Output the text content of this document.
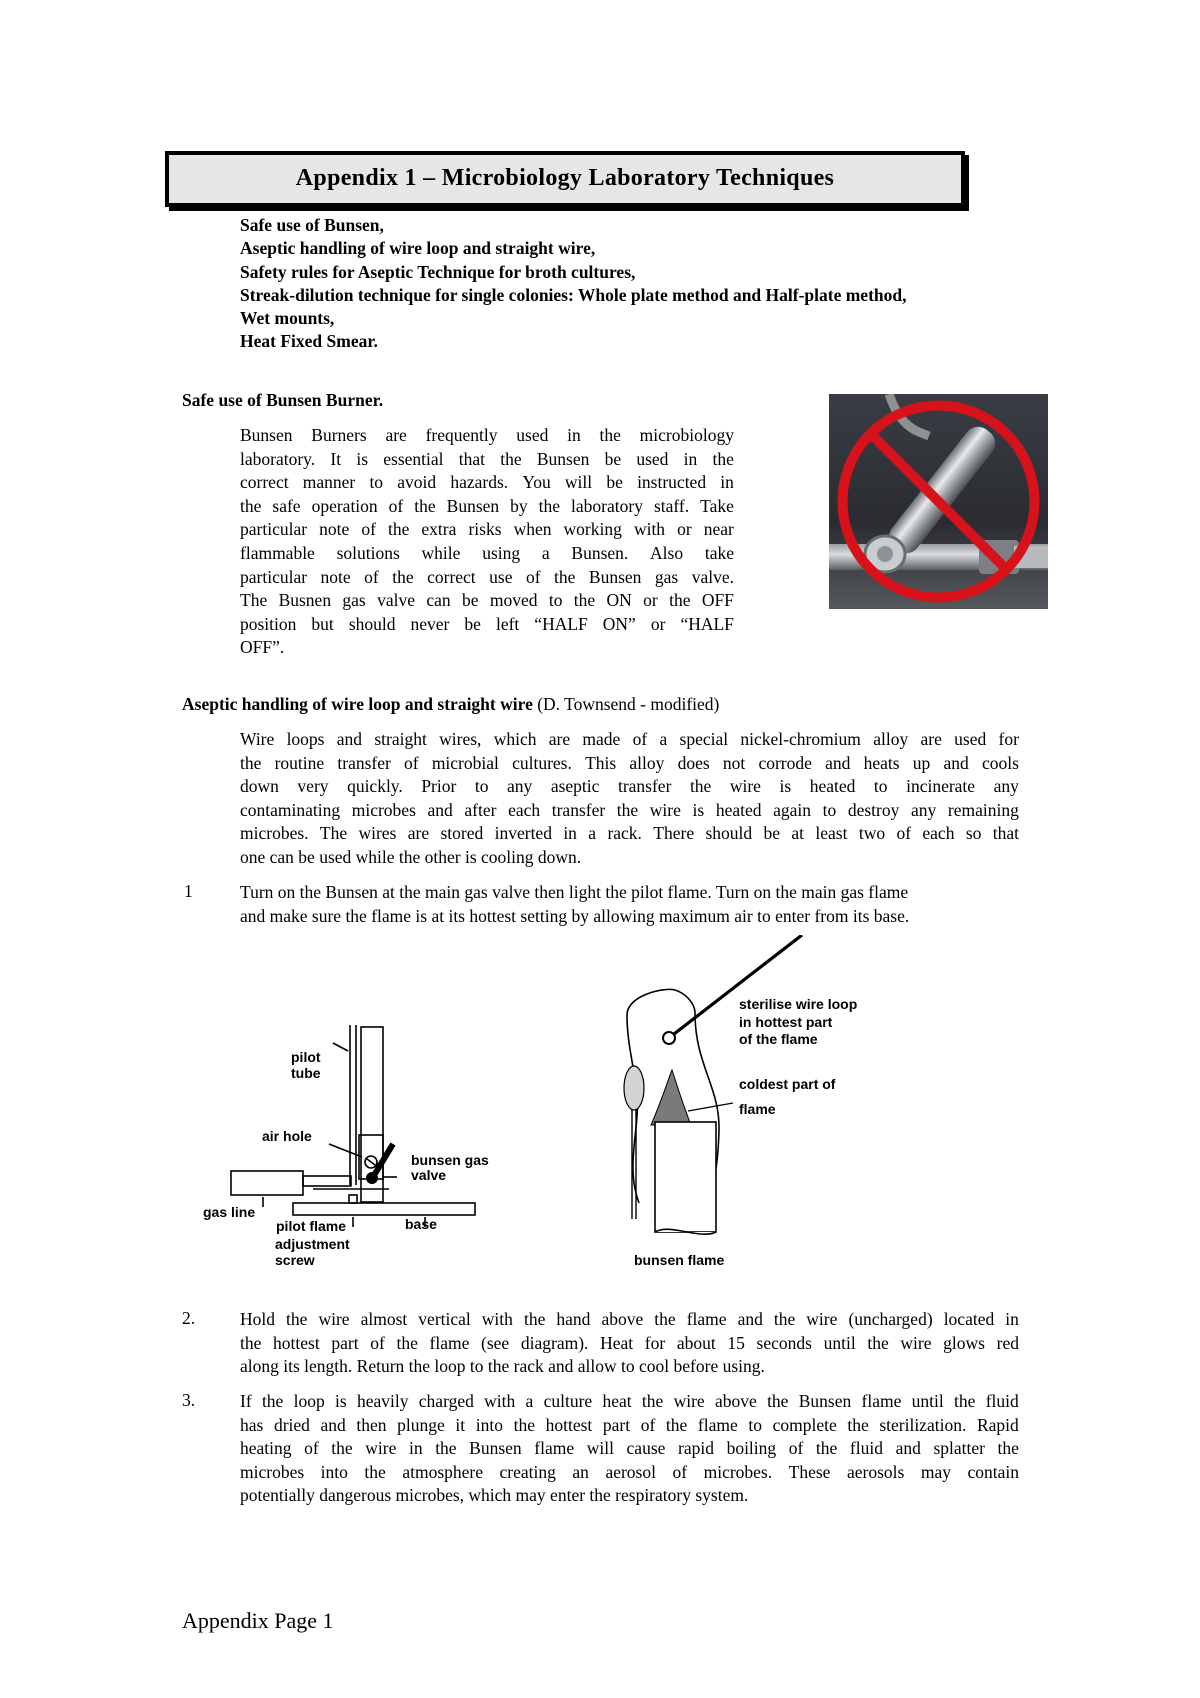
Appendix 1 – Microbiology Laboratory Techniques
Safe use of Bunsen,
Aseptic handling of wire loop and straight wire,
Safety rules for Aseptic Technique for broth cultures,
Streak-dilution technique for single colonies: Whole plate method and Half-plate method,
Wet mounts,
Heat Fixed Smear.
Safe use of Bunsen Burner.
Bunsen Burners are frequently used in the microbiology
laboratory. It is essential that the Bunsen be used in the
correct manner to avoid hazards. You will be instructed in
the safe operation of the Bunsen by the laboratory staff. Take
particular note of the extra risks when working with or near
flammable solutions while using a Bunsen. Also take
particular note of the correct use of the Bunsen gas valve.
The Busnen gas valve can be moved to the ON or the OFF
position but should never be left “HALF ON” or “HALF
OFF”.
Aseptic handling of wire loop and straight wire (D. Townsend - modified)
Wire loops and straight wires, which are made of a special nickel-chromium alloy are used for
the routine transfer of microbial cultures. This alloy does not corrode and heats up and cools
down very quickly. Prior to any aseptic transfer the wire is heated to incinerate any
contaminating microbes and after each transfer the wire is heated again to destroy any remaining
microbes. The wires are stored inverted in a rack. There should be at least two of each so that
one can be used while the other is cooling down.
1	Turn on the Bunsen at the main gas valve then light the pilot flame. Turn on the main gas flame
and make sure the flame is at its hottest setting by allowing maximum air to enter from its base.
pilot
tube
air hole
bunsen gas
valve
gas line
pilot flame
adjustment
screw
base
sterilise wire loop
in hottest part
of the flame
coldest part of
flame
bunsen flame
2.	Hold the wire almost vertical with the hand above the flame and the wire (uncharged) located in
the hottest part of the flame (see diagram). Heat for about 15 seconds until the wire glows red
along its length. Return the loop to the rack and allow to cool before using.
3.	If the loop is heavily charged with a culture heat the wire above the Bunsen flame until the fluid
has dried and then plunge it into the hottest part of the flame to complete the sterilization. Rapid
heating of the wire in the Bunsen flame will cause rapid boiling of the fluid and splatter the
microbes into the atmosphere creating an aerosol of microbes. These aerosols may contain
potentially dangerous microbes, which may enter the respiratory system.
Appendix Page 1
